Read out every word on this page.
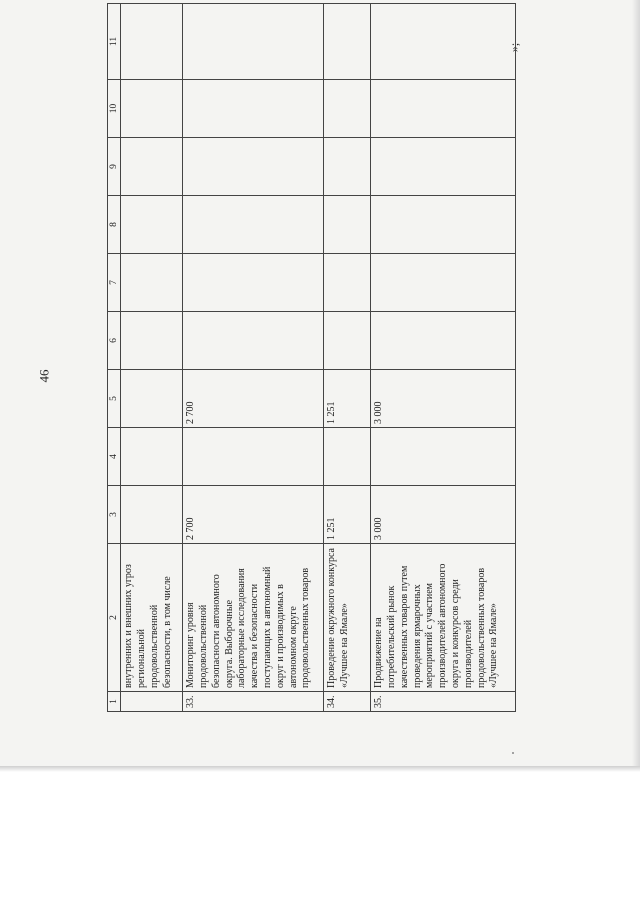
46
»;
1	2	3	4	5	6	7	8	9	10	11
	внутренних и внешних угроз региональной продовольственной безопасности, в том числе									
33.	Мониторинг уровня продовольственной безопасности автономного округа. Выборочные лабораторные исследования качества и безопасности поступающих в автономный округ и производимых в автономном округе продовольственных товаров	2 700		2 700						
34.	Проведение окружного конкурса «Лучшее на Ямале»	1 251		1 251						
35.	Продвижение на потребительский рынок качественных товаров путем проведения ярмарочных мероприятий с участием производителей автономного округа и конкурсов среди производителей продовольственных товаров «Лучшее на Ямале»	3 000		3 000						
